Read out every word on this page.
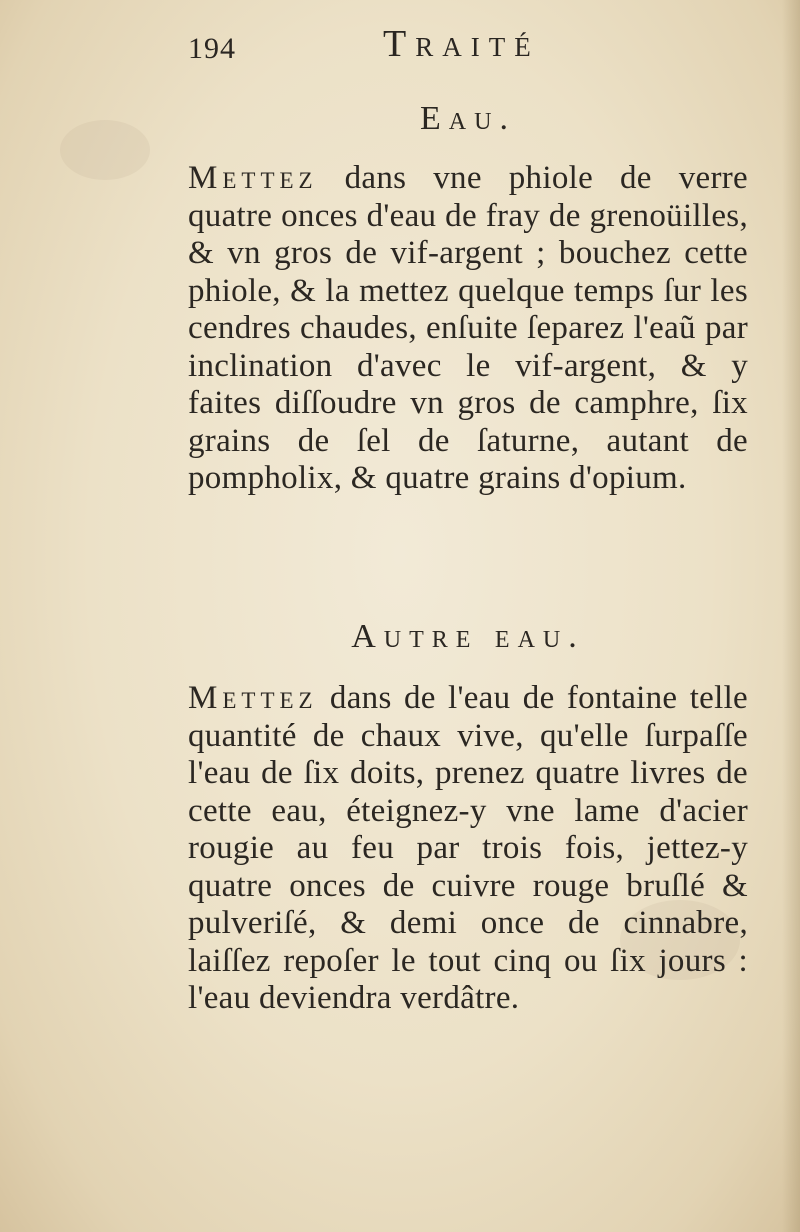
194	Traité
Eau.

Mettez dans vne phiole de verre quatre onces d'eau de fray de grenoüilles, & vn gros de vif-argent ; bouchez cette phiole, & la mettez quelque temps ſur les cendres chaudes, enſuite ſeparez l'eaũ par inclination d'avec le vif-argent, & y faites diſſoudre vn gros de camphre, ſix grains de ſel de ſaturne, autant de pompholix, & quatre grains d'opium.

Autre eau.

Mettez dans de l'eau de fontaine telle quantité de chaux vive, qu'elle ſurpaſſe l'eau de ſix doits, prenez quatre livres de cette eau, éteignez-y vne lame d'acier rougie au feu par trois fois, jettez-y quatre onces de cuivre rouge bruſlé & pulveriſé, & demi once de cinnabre, laiſſez repoſer le tout cinq ou ſix jours : l'eau deviendra verdâtre.
